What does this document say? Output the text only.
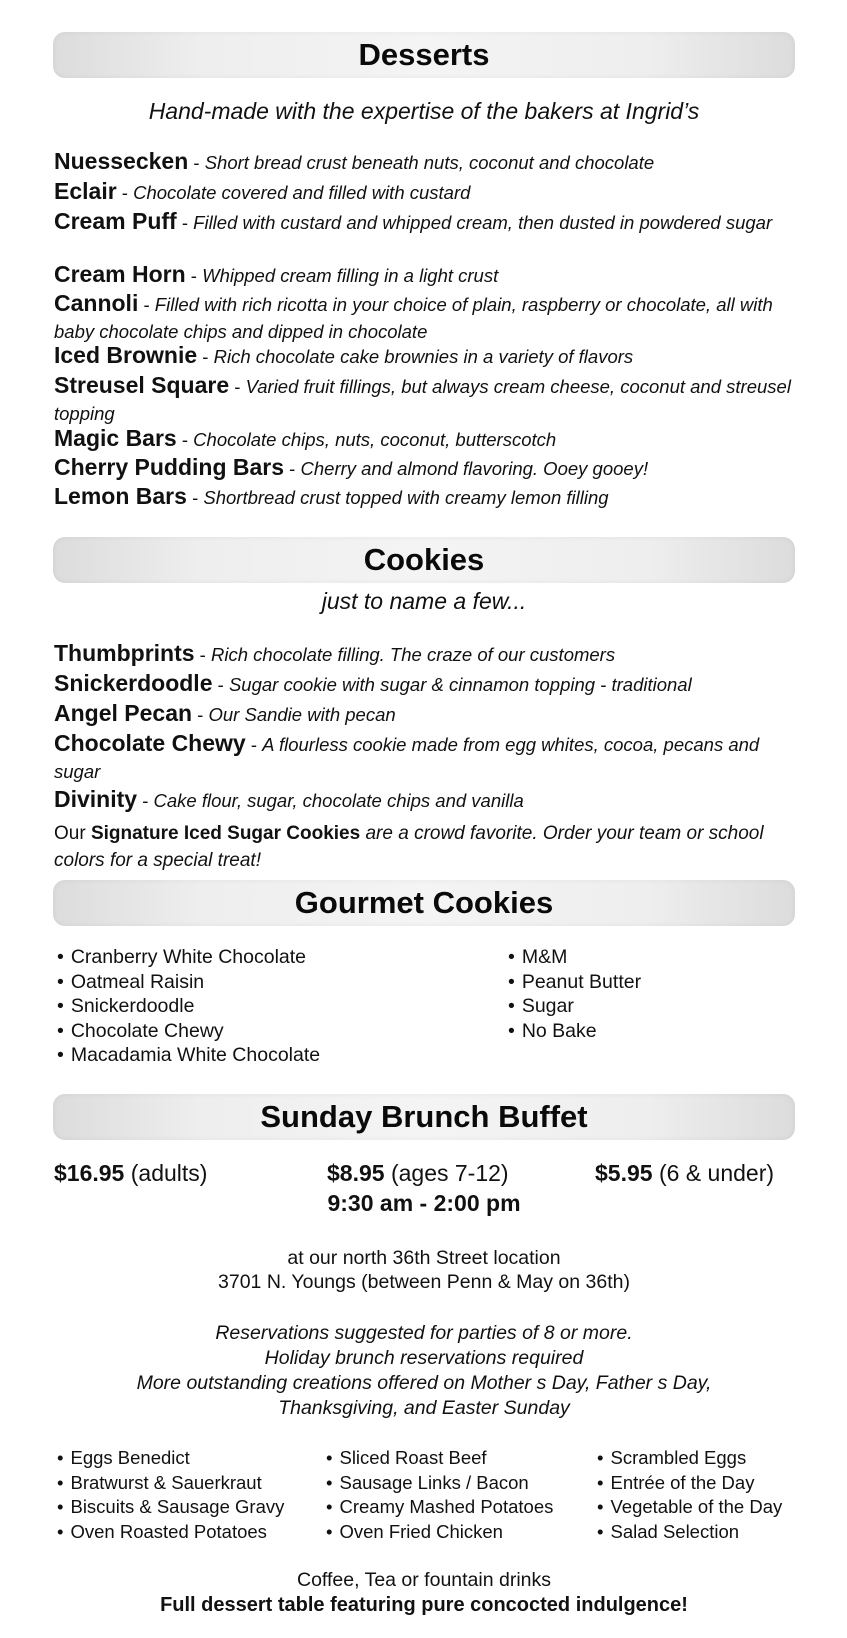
Desserts
Hand-made with the expertise of the bakers at Ingrid’s
Nuessecken - Short bread crust beneath nuts, coconut and chocolate
Eclair - Chocolate covered and filled with custard
Cream Puff - Filled with custard and whipped cream, then dusted in powdered sugar
Cream Horn - Whipped cream filling in a light crust
Cannoli - Filled with rich ricotta in your choice of plain, raspberry or chocolate, all with baby chocolate chips and dipped in chocolate
Iced Brownie - Rich chocolate cake brownies in a variety of flavors
Streusel Square - Varied fruit fillings, but always cream cheese, coconut and streusel topping
Magic Bars - Chocolate chips, nuts, coconut, butterscotch
Cherry Pudding Bars - Cherry and almond flavoring. Ooey gooey!
Lemon Bars - Shortbread crust topped with creamy lemon filling
Cookies
just to name a few...
Thumbprints - Rich chocolate filling. The craze of our customers
Snickerdoodle - Sugar cookie with sugar & cinnamon topping - traditional
Angel Pecan - Our Sandie with pecan
Chocolate Chewy - A flourless cookie made from egg whites, cocoa, pecans and sugar
Divinity - Cake flour, sugar, chocolate chips and vanilla
Our Signature Iced Sugar Cookies are a crowd favorite. Order your team or school colors for a special treat!
Gourmet Cookies
• Cranberry White Chocolate
• Oatmeal Raisin
• Snickerdoodle
• Chocolate Chewy
• Macadamia White Chocolate
• M&M
• Peanut Butter
• Sugar
• No Bake
Sunday Brunch Buffet
$16.95 (adults)	$8.95 (ages 7-12)	$5.95 (6 & under)
9:30 am - 2:00 pm
at our north 36th Street location
3701 N. Youngs (between Penn & May on 36th)
Reservations suggested for parties of 8 or more.
Holiday brunch reservations required
More outstanding creations offered on Mother s Day, Father s Day,
Thanksgiving, and Easter Sunday
• Eggs Benedict
• Bratwurst & Sauerkraut
• Biscuits & Sausage Gravy
• Oven Roasted Potatoes
• Sliced Roast Beef
• Sausage Links / Bacon
• Creamy Mashed Potatoes
• Oven Fried Chicken
• Scrambled Eggs
• Entrée of the Day
• Vegetable of the Day
• Salad Selection
Coffee, Tea or fountain drinks
Full dessert table featuring pure concocted indulgence!
